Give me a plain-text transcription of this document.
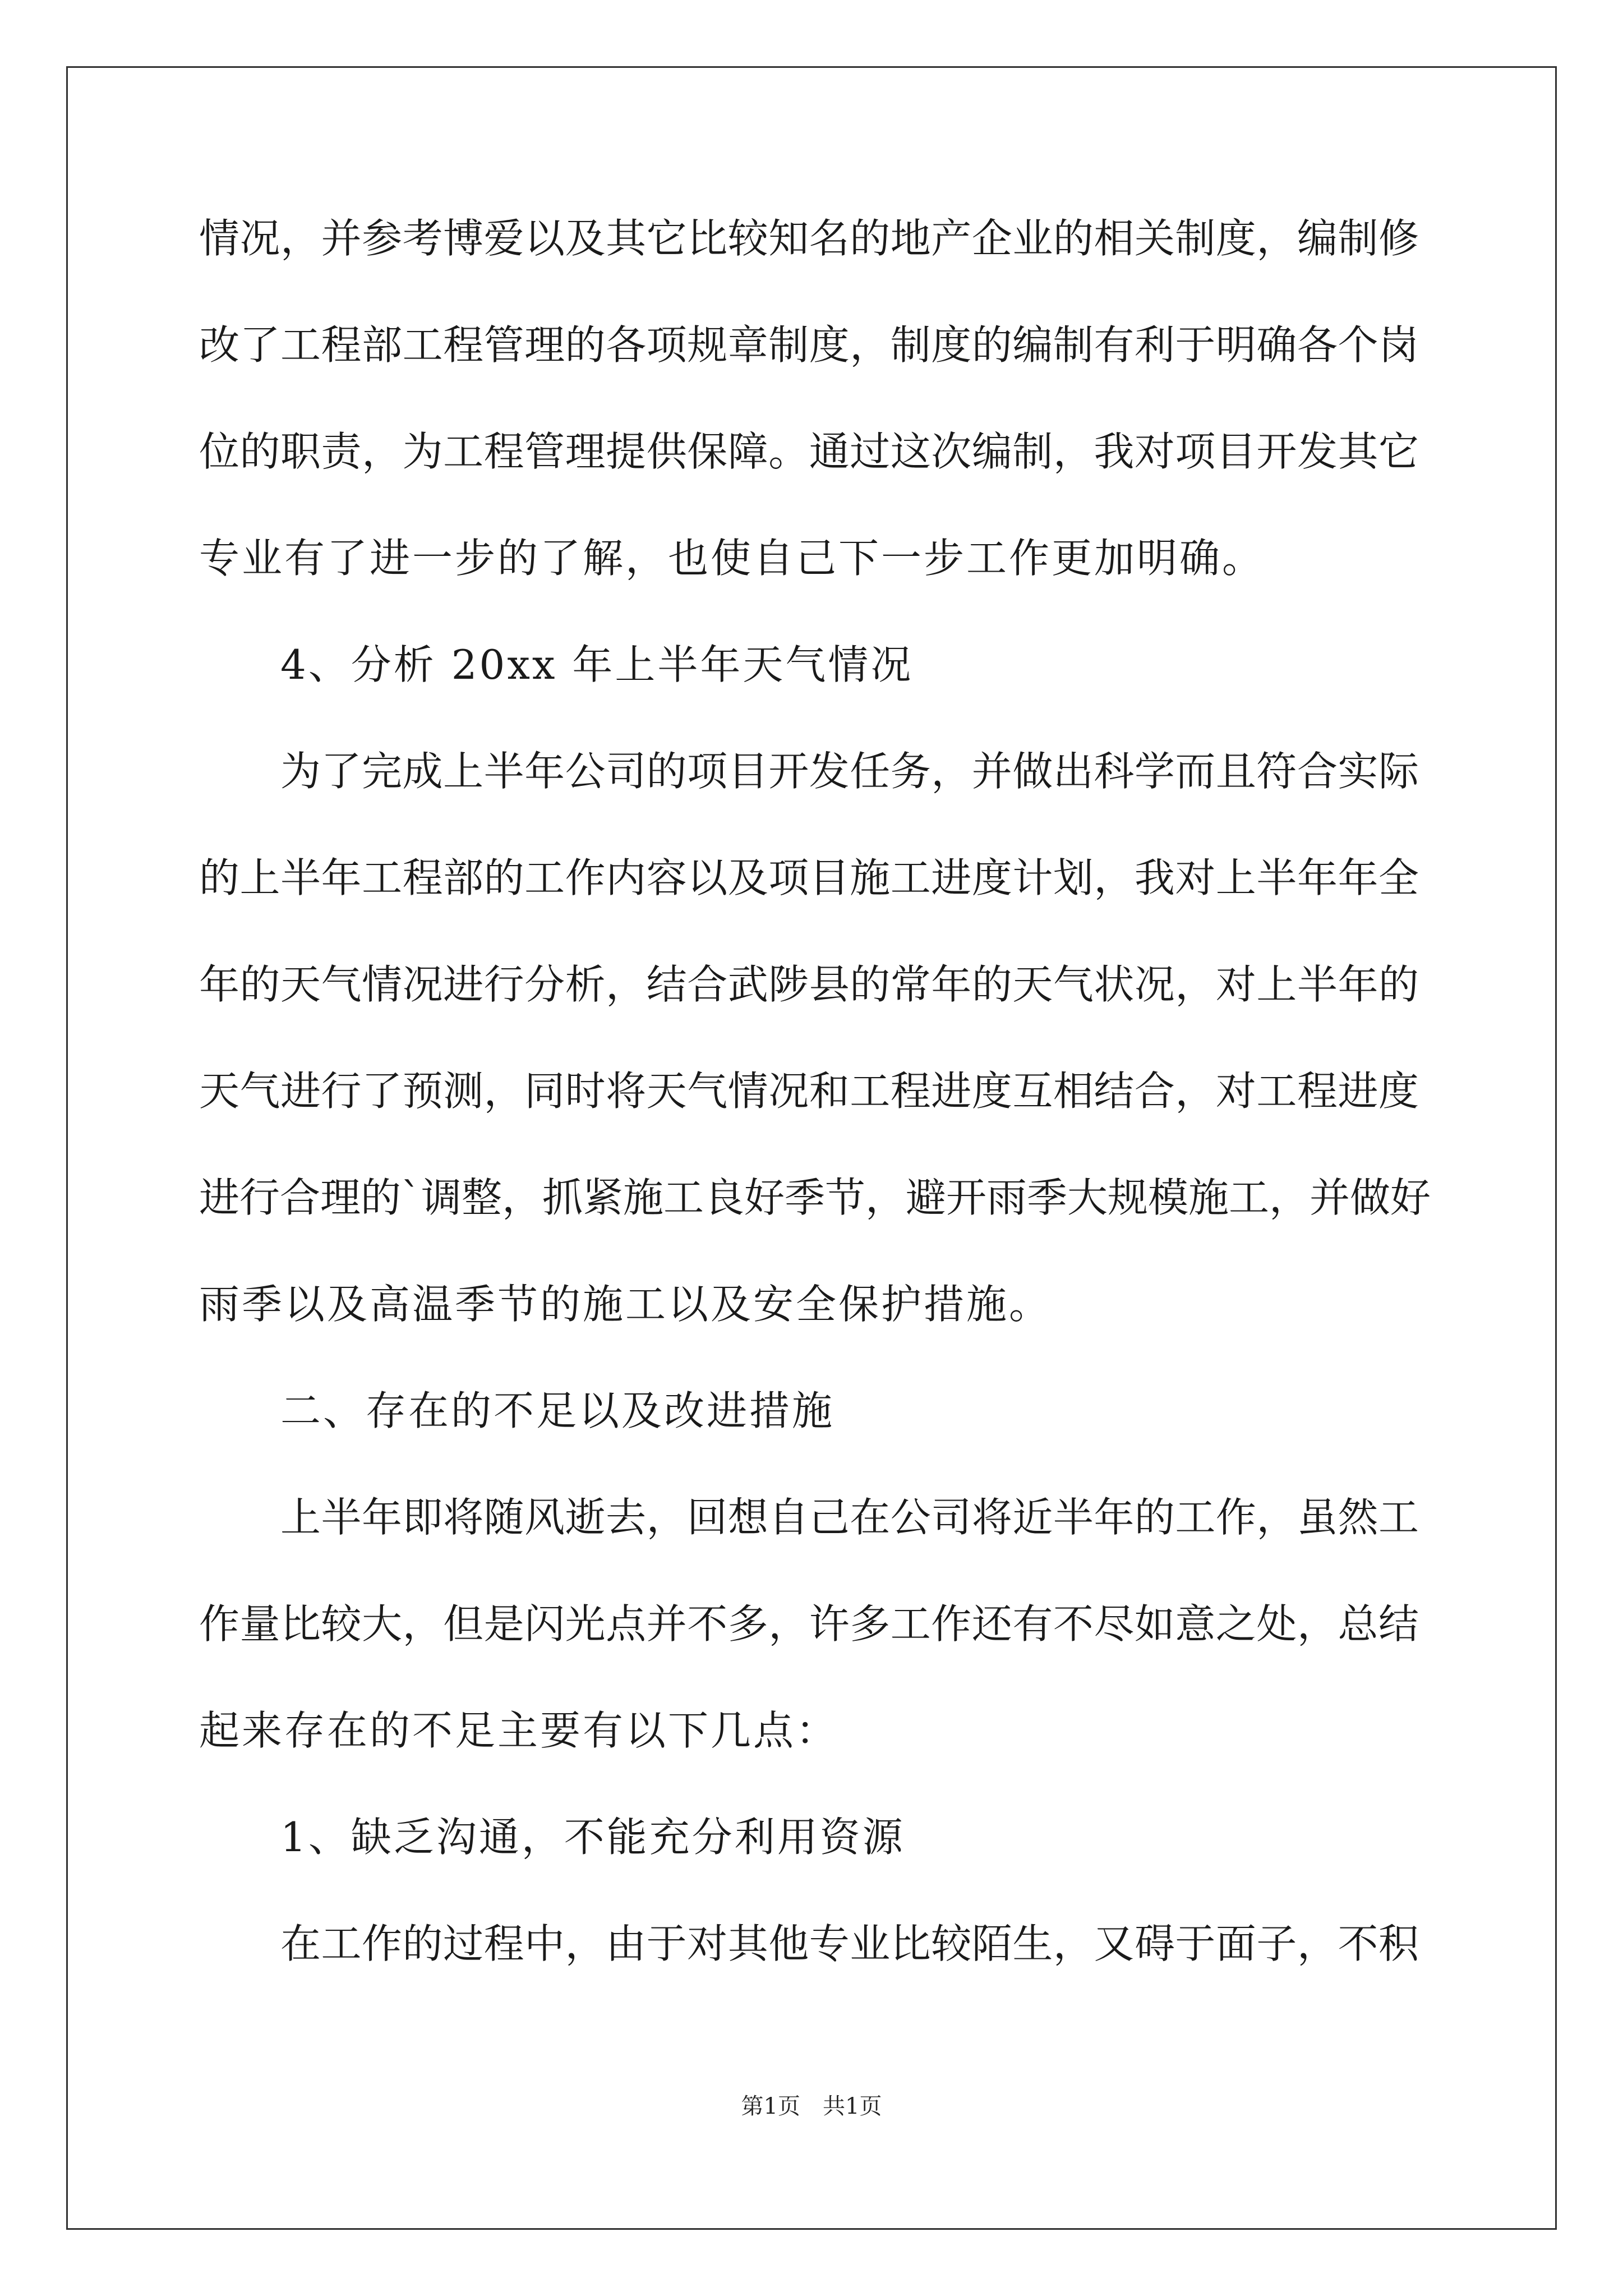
情况，并参考博爱以及其它比较知名的地产企业的相关制度，编制修
改了工程部工程管理的各项规章制度，制度的编制有利于明确各个岗
位的职责，为工程管理提供保障。通过这次编制，我对项目开发其它
专业有了进一步的了解，也使自己下一步工作更加明确。
4、分析 20xx 年上半年天气情况
为了完成上半年公司的项目开发任务，并做出科学而且符合实际
的上半年工程部的工作内容以及项目施工进度计划，我对上半年年全
年的天气情况进行分析，结合武陟县的常年的天气状况，对上半年的
天气进行了预测，同时将天气情况和工程进度互相结合，对工程进度
进行合理的`调整，抓紧施工良好季节，避开雨季大规模施工，并做好
雨季以及高温季节的施工以及安全保护措施。
二、存在的不足以及改进措施
上半年即将随风逝去，回想自己在公司将近半年的工作，虽然工
作量比较大，但是闪光点并不多，许多工作还有不尽如意之处，总结
起来存在的不足主要有以下几点：
1、缺乏沟通，不能充分利用资源
在工作的过程中，由于对其他专业比较陌生，又碍于面子，不积
第1页　共1页
